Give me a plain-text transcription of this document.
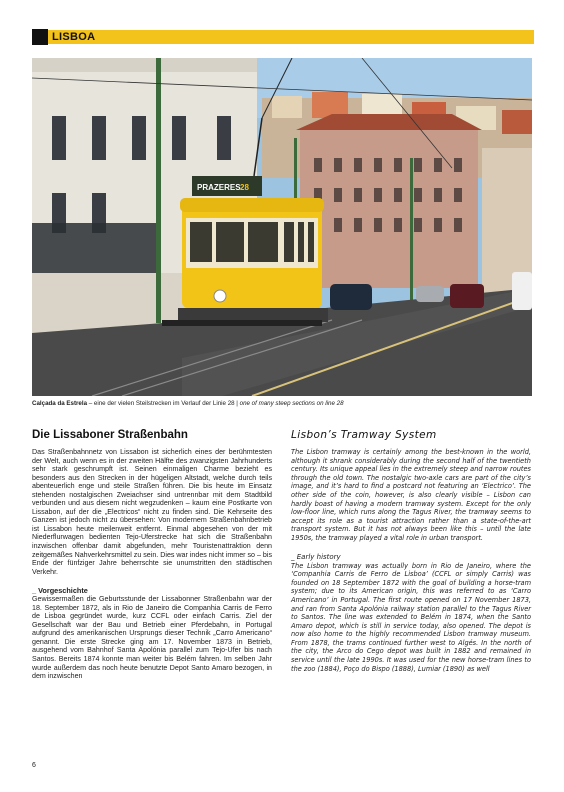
LISBOA
PRAZERES 28
Calçada da Estrela – eine der vielen Steilstrecken im Verlauf der Linie 28 | one of many steep sections on line 28
Die Lissaboner Straßenbahn

Das Straßenbahnnetz von Lissabon ist sicherlich eines der berühmtesten der Welt, auch wenn es in der zweiten Hälfte des zwanzigsten Jahrhunderts sehr stark geschrumpft ist. Seinen einmaligen Charme bezieht es besonders aus den Strecken in der hügeligen Altstadt, welche durch teils abenteuerlich enge und steile Straßen führen. Die bis heute im Einsatz stehenden nostalgischen Zweiachser sind untrennbar mit dem Stadtbild verbunden und aus diesem nicht wegzudenken – kaum eine Postkarte von Lissabon, auf der die „Electricos“ nicht zu finden sind. Die Kehrseite des Ganzen ist jedoch nicht zu übersehen: Von modernem Straßenbahnbetrieb ist Lissabon heute meilenweit entfernt. Einmal abgesehen von der mit Niederflurwagen bedienten Tejo-Uferstrecke hat sich die Straßenbahn inzwischen offenbar damit abgefunden, mehr Touristenattraktion denn zeitgemäßes Nahverkehrsmittel zu sein. Dies war indes nicht immer so – bis Ende der fünfziger Jahre beherrschte sie unumstritten den städtischen Verkehr.

_ Vorgeschichte

Gewissermaßen die Geburtsstunde der Lissabonner Straßenbahn war der 18. September 1872, als in Rio de Janeiro die Companhia Carris de Ferro de Lisboa gegründet wurde, kurz CCFL oder einfach Carris. Ziel der Gesellschaft war der Bau und Betrieb einer Pferdebahn, in Portugal aufgrund des amerikanischen Ursprungs dieser Technik „Carro Americano“ genannt. Die erste Strecke ging am 17. November 1873 in Betrieb, ausgehend vom Bahnhof Santa Apolónia parallel zum Tejo-Ufer bis nach Santos. Bereits 1874 konnte man weiter bis Belém fahren. Im selben Jahr wurde außerdem das noch heute benutzte Depot Santo Amaro bezogen, in dem inzwischen

Lisbon’s Tramway System

The Lisbon tramway is certainly among the best-known in the world, although it shrank considerably during the second half of the twentieth century. Its unique appeal lies in the extremely steep and narrow routes through the old town. The nostalgic two-axle cars are part of the city’s image, and it’s hard to find a postcard not featuring an ‘Electrico’. The other side of the coin, however, is also clearly visible – Lisbon can hardly boast of having a modern tramway system. Except for the only low-floor line, which runs along the Tagus River, the tramway seems to accept its role as a tourist attraction rather than a state-of-the-art transport system. But it has not always been like this – until the late 1950s, the tramway played a vital role in urban transport.

_ Early history

The Lisbon tramway was actually born in Rio de Janeiro, where the ‘Companhia Carris de Ferro de Lisboa’ (CCFL or simply Carris) was founded on 18 September 1872 with the goal of building a horse-tram system; due to its American origin, this was referred to as ‘Carro Americano’ in Portugal. The first route opened on 17 November 1873, and ran from Santa Apolónia railway station parallel to the Tagus River to Santos. The line was extended to Belém in 1874, when the Santo Amaro depot, which is still in service today, also opened. The depot is now also home to the highly recommended Lisbon tramway museum. From 1878, the trams continued further west to Algés. In the north of the city, the Arco do Cego depot was built in 1882 and remained in service until the late 1990s. It was used for the new horse-tram lines to the zoo (1884), Poço do Bispo (1888), Lumiar (1890) as well

6
